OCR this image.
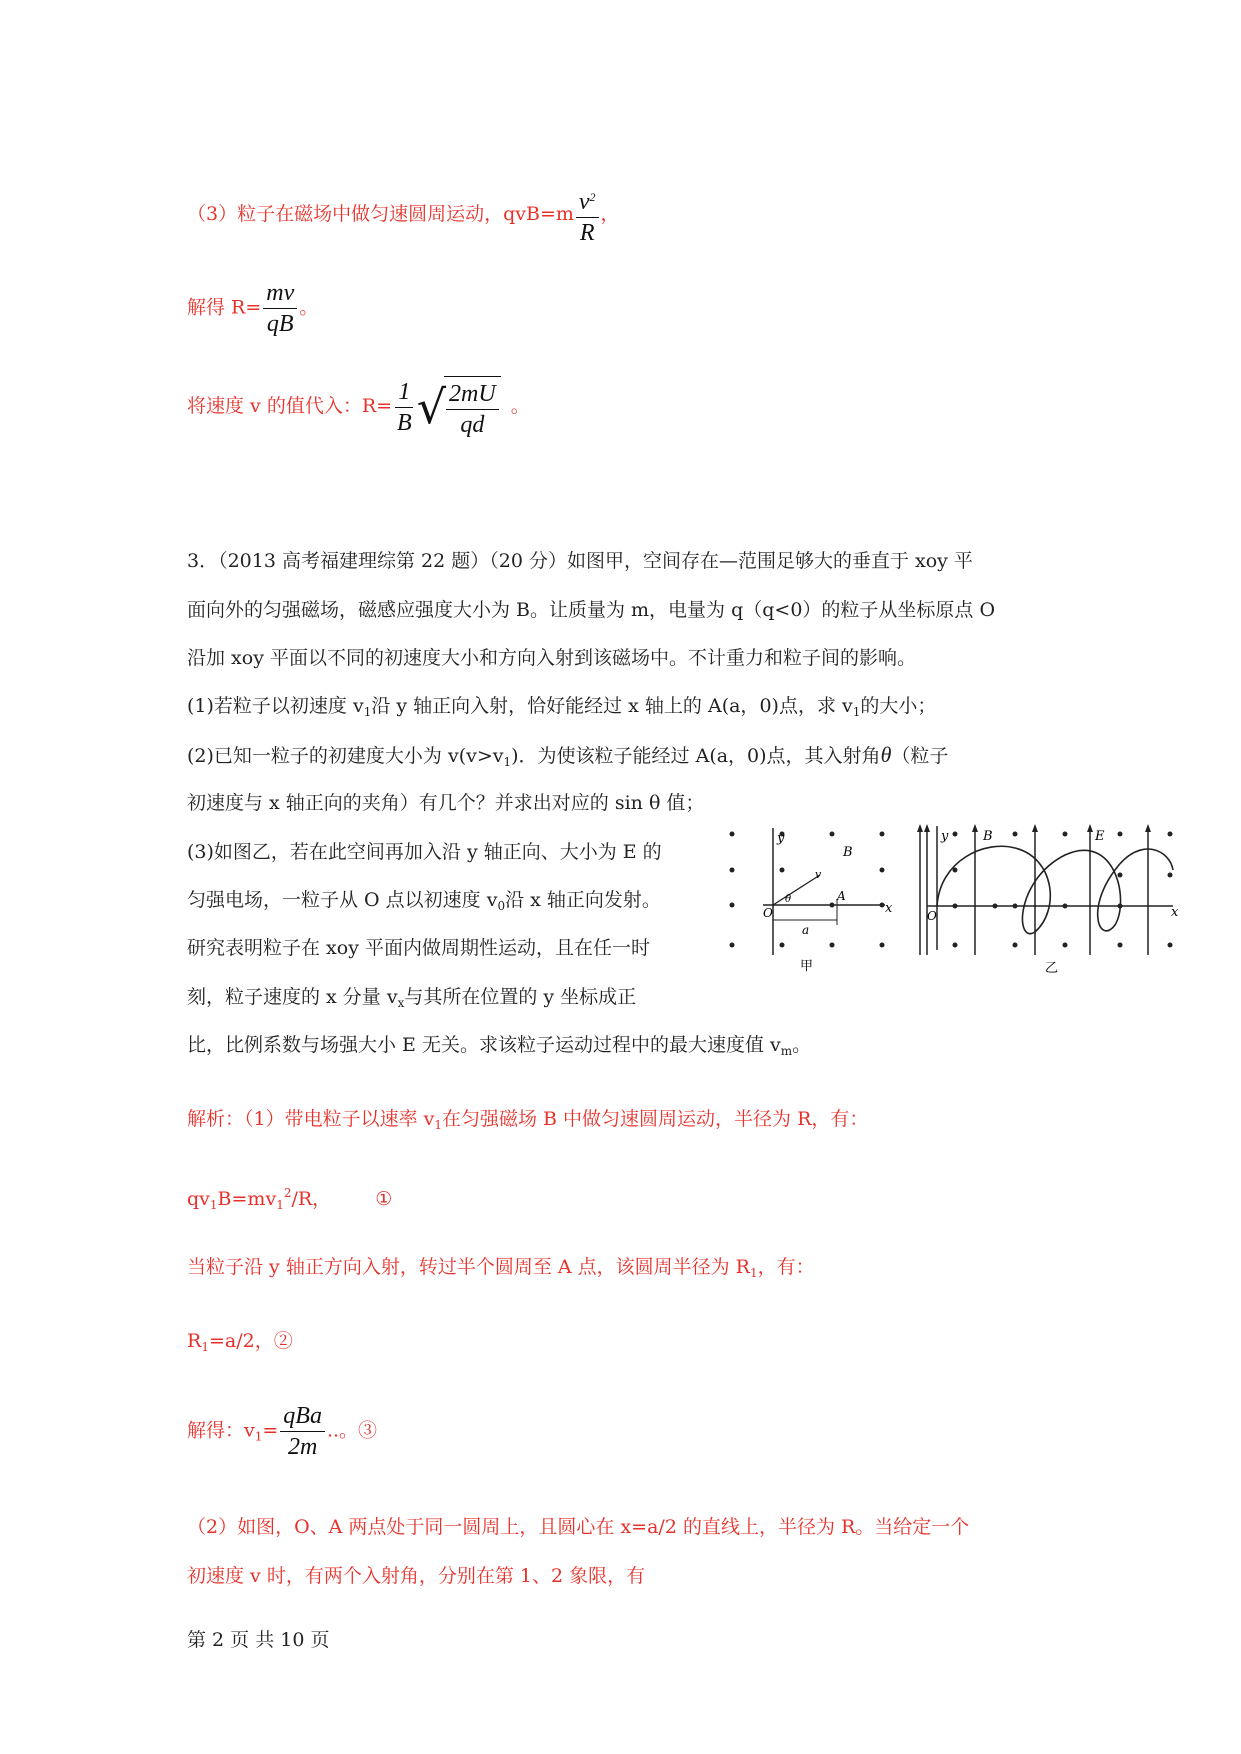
（3）粒子在磁场中做匀速圆周运动，$qvB=m \frac{v^2}{R}$ ，
解得 $R= \frac{mv}{qB}$ 。
将速度 v 的值代入：$R= \frac{1}{B}$ √ $\frac{2mU}{qd}$ 。
3．（2013 高考福建理综第 22 题）（20 分）如图甲，空间存在—范围足够大的垂直于 xoy 平
面向外的匀强磁场，磁感应强度大小为 B。让质量为 m，电量为 q（q<0）的粒子从坐标原点 O
沿加 xoy 平面以不同的初速度大小和方向入射到该磁场中。不计重力和粒子间的影响。
(1)若粒子以初速度 $v_1$沿 y 轴正向入射，恰好能经过 x 轴上的 A(a，0)点，求 $v_1$的大小；
(2)已知一粒子的初建度大小为 $v(v>v_1)$．为使该粒子能经过 A(a，0)点，其入射角θ（粒子
初速度与 x 轴正向的夹角）有几个？并求出对应的 sin θ 值；
(3)如图乙，若在此空间再加入沿 y 轴正向、大小为 E 的
匀强电场，一粒子从 O 点以初速度 $v_0$沿 x 轴正向发射。
研究表明粒子在 xoy 平面内做周期性运动，且在任一时
刻，粒子速度的 x 分量 $v_x$与其所在位置的 y 坐标成正
比，比例系数与场强大小 E 无关。求该粒子运动过程中的最大速度值 $v_m$。
y
x
B
O
A
a
v
θ
甲
y	B	E
O	x
乙
解析：（1）带电粒子以速率 $v_1$在匀强磁场 B 中做匀速圆周运动，半径为 R，有：
$qv_1B=mv_1^2/R$， ①
当粒子沿 y 轴正方向入射，转过半个圆周至 A 点，该圆周半径为 $R_1$，有：
$R_1=a/2$，②
解得：$v_1= \frac{\text{qBa}}{2m}$ ..。③
（2）如图，O、A 两点处于同一圆周上，且圆心在 x=a/2 的直线上，半径为 R。当给定一个
初速度 v 时，有两个入射角，分别在第 1、2 象限，有
第 2 页 共 10 页
